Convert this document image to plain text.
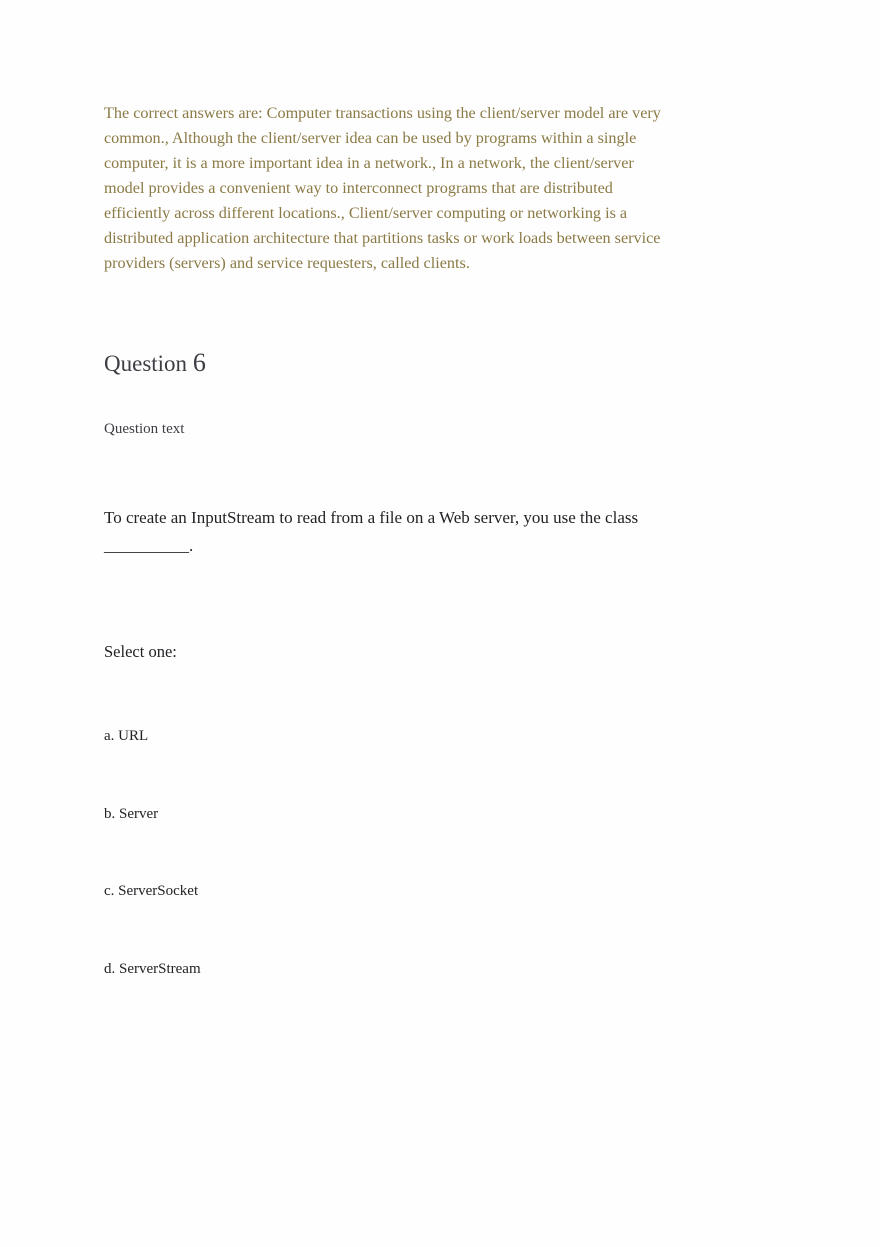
The correct answers are: Computer transactions using the client/server model are very common., Although the client/server idea can be used by programs within a single computer, it is a more important idea in a network., In a network, the client/server model provides a convenient way to interconnect programs that are distributed efficiently across different locations., Client/server computing or networking is a distributed application architecture that partitions tasks or work loads between service providers (servers) and service requesters, called clients.

Question 6

Question text

To create an InputStream to read from a file on a Web server, you use the class __________.

Select one:

a. URL

b. Server

c. ServerSocket

d. ServerStream
